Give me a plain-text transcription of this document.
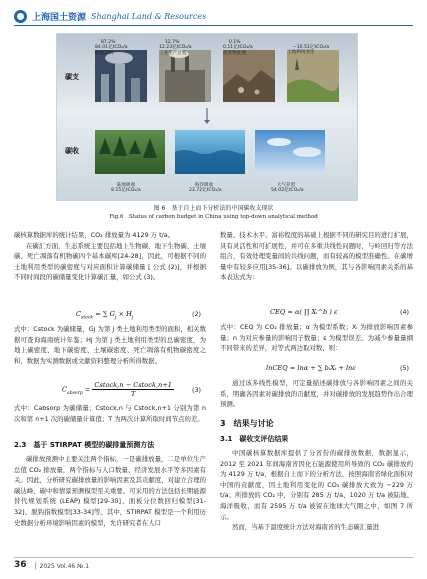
上海国土资源 Shanghai Land & Resources
碳支
碳收

87.2%
84.01亿tCO₂/a
能源活动

12.7%
12.23亿tCO₂/a
工业生产过程

0.1%
0.11亿tCO₂/a
废弃物处理

−10.51亿tCO₂/a
土地利用变化

陆地吸收
8.15亿tCO₂/a

海洋吸收
23.72亿tCO₂/a

大气存留
54.02亿tCO₂/a

图 6　基于自上而下分析法的中国碳收支现状
Fig.6　Status of carbon budget in China using top-down analytical method

碳核算数据库的统计结果，CO₂ 排放量为 4129 万 t/a。

在碳汇方面，生态系统主要包括地上生物碳、地下生物碳、土壤碳、死亡凋落有机物碳四个基本碳库[24-28]，因此，可根据不同的土地利用类型的碳密度与对应面积计算碳储量 [ 公式 (2)]，并根据不同时间段的碳储量变化计算碳汇量，如公式 (3)。

$C_{stock}$ = ∑ $G_j \times H_j$	(2)

式中：Cstock 为碳储量，Gj 为第 j 类土地利用类型的面积，相关数据可查询海南统计年鉴；Hj 为第 j 类土地利用类型的总碳密度，为地上碳密度、地下碳密度、土壤碳密度、死亡凋落有机物碳密度之和，数据为实测数据或文献资料整理分析所得数据。

$C_{absorp} = \frac{\text{Cstock,n − Cstock,n+1}}{T}$	(3)

式中：Cabsorp 为碳储量；Cstock,n 与 Cstock,n+1 分别为第 n 次和第 n+1 次的碳储量计算值；T 为两次计算所取时间节点的差。

2.3　基于 STIRPAT 模型的碳排量预测方法

碳排放预测中主要关注两个指标，一是碳排放量，二是单位生产总值 CO₂ 排放量，两个指标与人口数量、经济发展水平等多因素有关。因此，分析研究碳排放量的影响因素及其贡献度，对建立合理的碳达峰、碳中和情景预测模型至关重要。可采用的方法包括长期能源替代规划系统 (LEAP) 模型[29-30]、面板分位数回归模型[31-32]、脱钩指数模型[33-34]等。其中，STIRPAT 模型是一个利用历史数据分析环境影响因素的模型，允许研究者在人口

数量、技术水平、富裕程度的基础上根据不同的研究目的进行扩展，具有灵活性和可扩展性，并可在多重共线性问题时，与岭回归等方法组合，有效处理变量间的共线问题，而有较高的模型准确性。在碳增量中有较多应用[35-36]。以碳排放为例，其与各影响因素关系的基本表达式为：

CEQ = α( ∏ Xᵢ^b ) ε	(4)

式中：CEQ 为 CO₂ 排放量；α 为模型系数；Xᵢ 为排放影响因素参量；n 为对应参量的影响因子数量；ε 为模型误差。为减少参量量纲不同带来的差异，对等式两边取对数，则：

lnCEQ = lnα + ∑ bᵢXᵢ + lnε	(5)

通过该多线性模型，可定量描述碳排放与各影响因素之间的关系，明确各因素对碳排放的贡献度，并对碳排放的发展趋势作出合理预测。

3　结果与讨论
3.1　碳收支评估结果

中国碳核算数据库提供了分省份的碳排放数据，数据显示，2012 至 2021 年间海南省因化石能源使用所导致的 CO₂ 碳排放约为 4129 万 t/a，根据自上而下的分析方法，按照海南省绿化面积对中国的贡献度，因土地利用变化的 CO₂ 碳排放大致为 −229 万 t/a；所排放的 CO₂ 中，分别有 285 万 t/a、1020 万 t/a 被陆地、海洋吸收，而有 2595 万 t/a 被留在地球大气圈之中，如图 7 所示。

然而，当基于温度统计方法对海南省的生态碳汇量进

36 │ 2025 Vol.46 №.1
